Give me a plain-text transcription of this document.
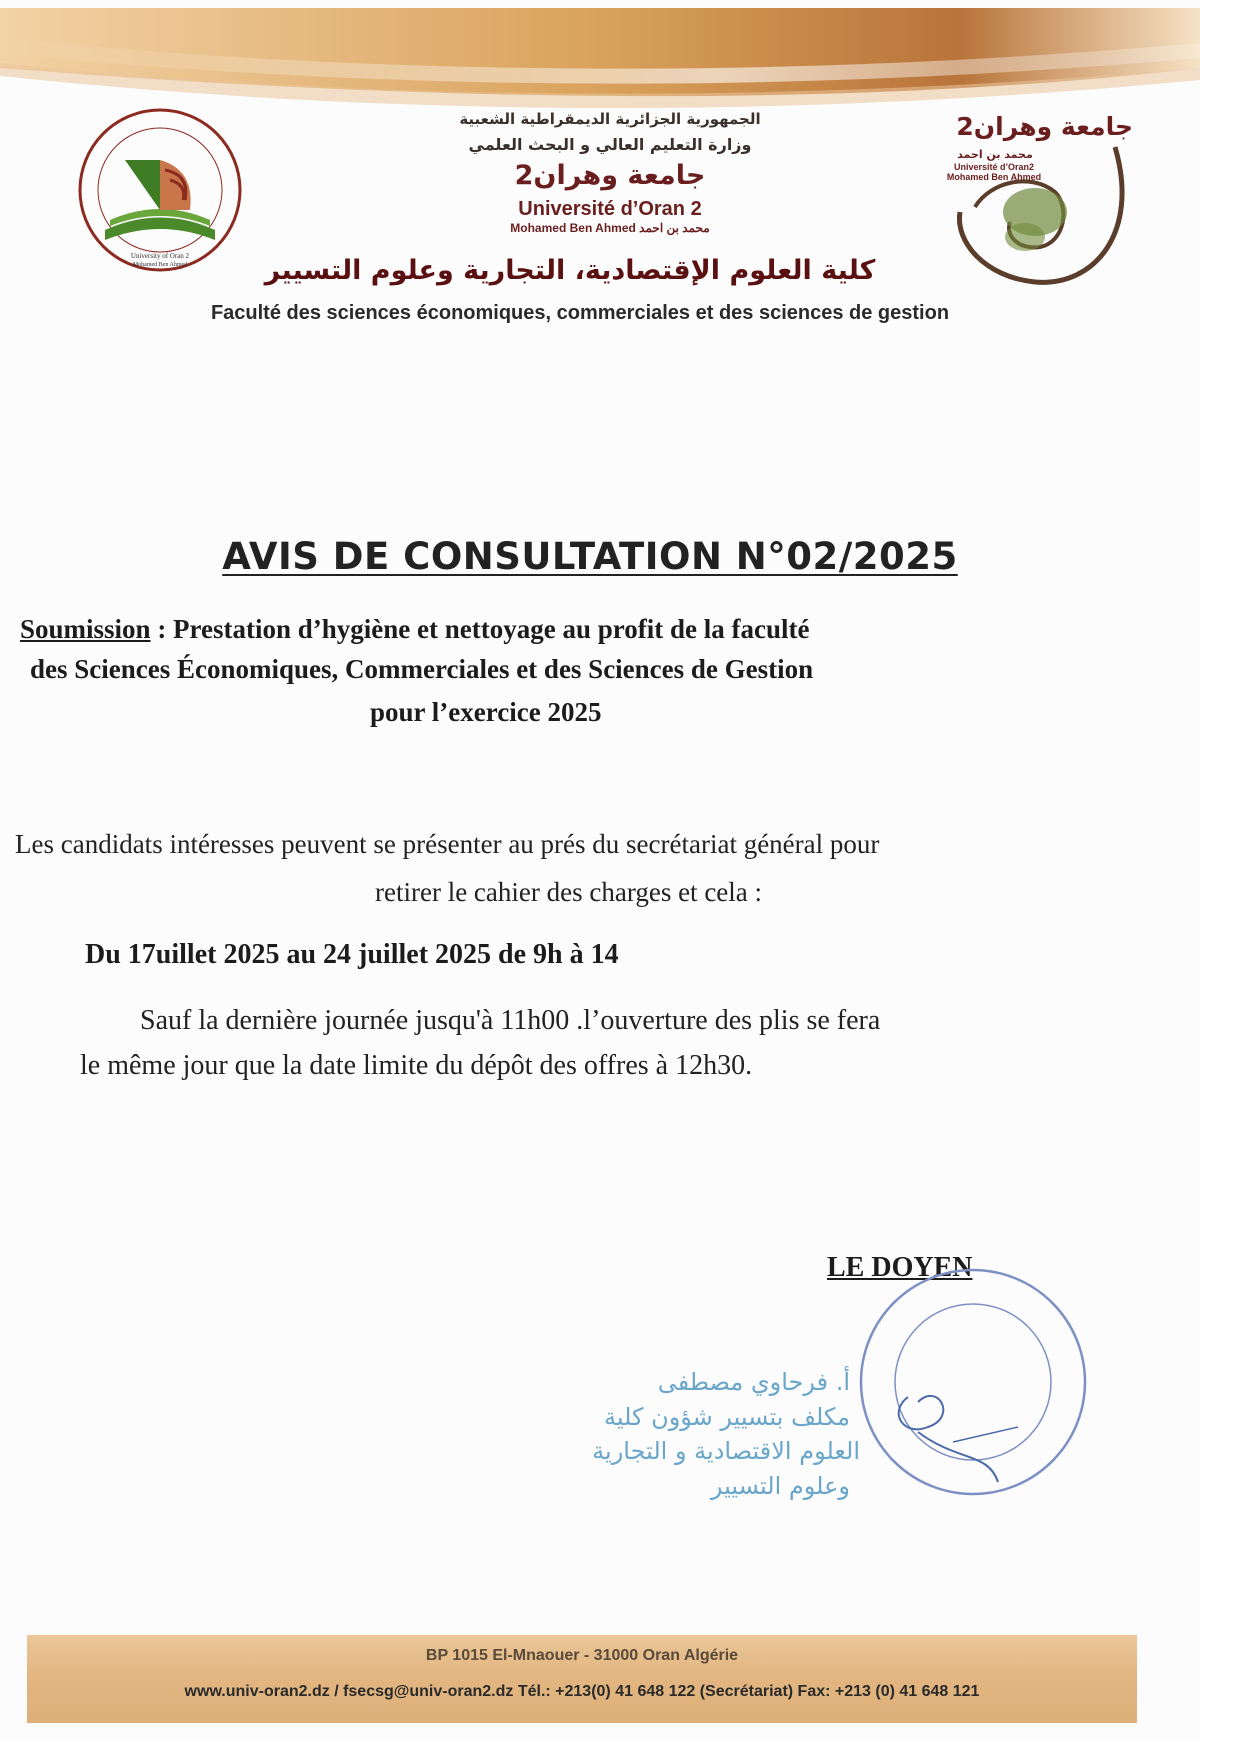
University of Oran 2
Mohamed Ben Ahmed
الجمهورية الجزائرية الديمقراطية الشعبية
وزارة التعليم العالي و البحث العلمي
جامعة وهران2
Université d’Oran 2
Mohamed Ben Ahmed محمد بن احمد
كلية العلوم الإقتصادية، التجارية وعلوم التسيير
Faculté des sciences économiques, commerciales et des sciences de gestion
جامعة وهران2
محمد بن احمد
Université d’Oran2 Mohamed Ben Ahmed
AVIS DE CONSULTATION N°02/2025
Soumission : Prestation d’hygiène et nettoyage au profit de la faculté
des Sciences Économiques, Commerciales et des Sciences de Gestion
pour l’exercice 2025
Les candidats intéresses peuvent se présenter au prés du secrétariat général pour
retirer le cahier des charges et cela :
Du 17uillet 2025 au 24 juillet 2025 de 9h à 14
Sauf la dernière journée jusqu'à 11h00 .l’ouverture des plis se fera
le même jour que la date limite du dépôt des offres à 12h30.
LE DOYEN
أ. فرحاوي مصطفى
مكلف بتسيير شؤون كلية
العلوم الاقتصادية و التجارية
وعلوم التسيير
BP 1015 El-Mnaouer - 31000 Oran Algérie
www.univ-oran2.dz / fsecsg@univ-oran2.dz Tél.: +213(0) 41 648 122 (Secrétariat) Fax: +213 (0) 41 648 121
